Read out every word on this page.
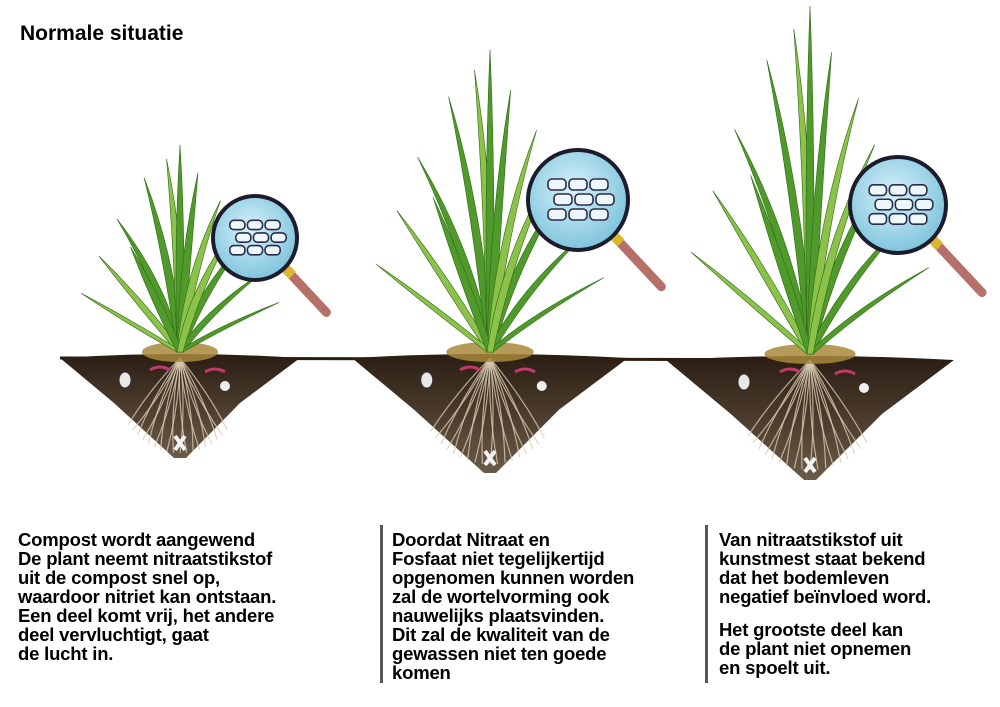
Normale situatie

Compost wordt aangewend
De plant neemt nitraatstikstof
uit de compost snel op,
waardoor nitriet kan ontstaan.
Een deel komt vrij, het andere
deel vervluchtigt, gaat
de lucht in.

Doordat Nitraat en
Fosfaat niet tegelijkertijd
opgenomen kunnen worden
zal de wortelvorming ook
nauwelijks plaatsvinden.
Dit zal de kwaliteit van de
gewassen niet ten goede
komen

Van nitraatstikstof uit
kunstmest staat bekend
dat het bodemleven
negatief beïnvloed word.

Het grootste deel kan
de plant niet opnemen
en spoelt uit.
